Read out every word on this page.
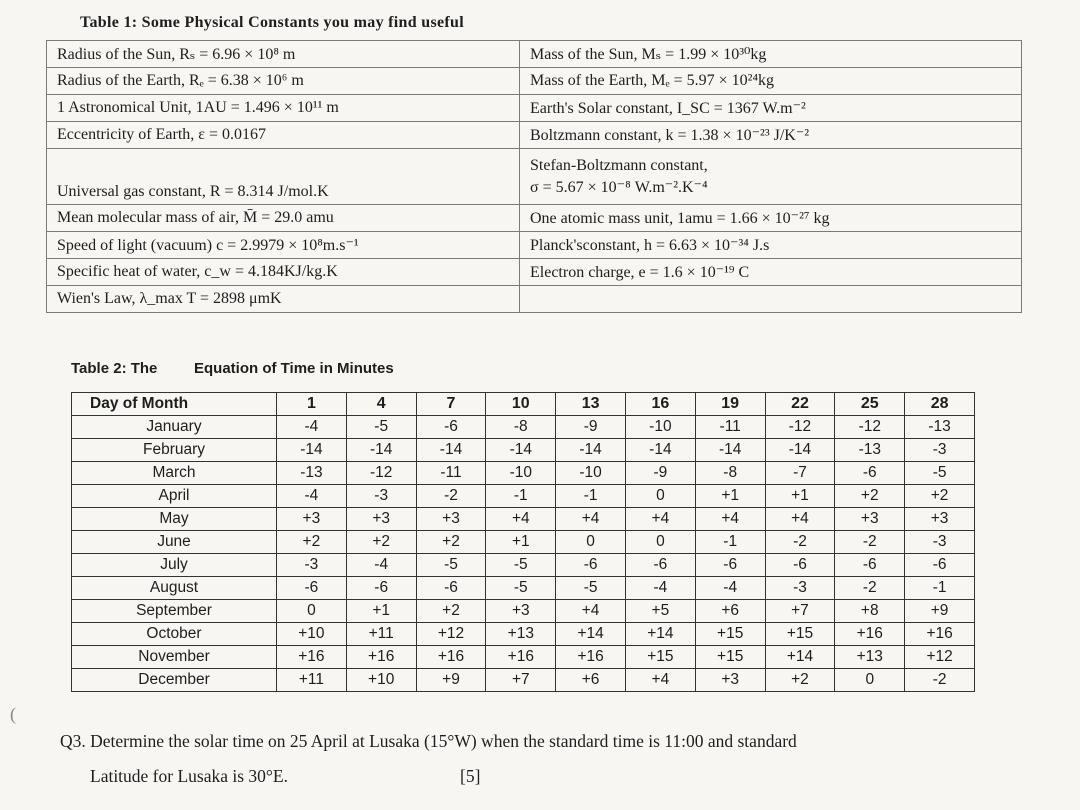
Table 1: Some Physical Constants you may find useful
Radius of the Sun, Rₛ = 6.96 × 10⁸ m	Mass of the Sun, Mₛ = 1.99 × 10³⁰kg
Radius of the Earth, Rₑ = 6.38 × 10⁶ m	Mass of the Earth, Mₑ = 5.97 × 10²⁴kg
1 Astronomical Unit, 1AU = 1.496 × 10¹¹ m	Earth's Solar constant, I_SC = 1367 W.m⁻²
Eccentricity of Earth, ε = 0.0167	Boltzmann constant, k = 1.38 × 10⁻²³ J/K⁻²
Universal gas constant, R = 8.314 J/mol.K	Stefan-Boltzmann constant,
σ = 5.67 × 10⁻⁸ W.m⁻².K⁻⁴

Mean molecular mass of air, M̄ = 29.0 amu	One atomic mass unit, 1amu = 1.66 × 10⁻²⁷ kg
Speed of light (vacuum) c = 2.9979 × 10⁸m.s⁻¹	Planck'sconstant, h = 6.63 × 10⁻³⁴ J.s
Specific heat of water, c_w = 4.184KJ/kg.K	Electron charge, e = 1.6 × 10⁻¹⁹ C
Wien's Law, λ_max T = 2898 μmK	
Table 2: The Equation of Time in Minutes
Day of Month	1	4	7	10	13	16	19	22	25	28
January	-4	-5	-6	-8	-9	-10	-11	-12	-12	-13
February	-14	-14	-14	-14	-14	-14	-14	-14	-13	-3
March	-13	-12	-11	-10	-10	-9	-8	-7	-6	-5
April	-4	-3	-2	-1	-1	0	+1	+1	+2	+2
May	+3	+3	+3	+4	+4	+4	+4	+4	+3	+3
June	+2	+2	+2	+1	0	0	-1	-2	-2	-3
July	-3	-4	-5	-5	-6	-6	-6	-6	-6	-6
August	-6	-6	-6	-5	-5	-4	-4	-3	-2	-1
September	0	+1	+2	+3	+4	+5	+6	+7	+8	+9
October	+10	+11	+12	+13	+14	+14	+15	+15	+16	+16
November	+16	+16	+16	+16	+16	+15	+15	+14	+13	+12
December	+11	+10	+9	+7	+6	+4	+3	+2	0	-2
(
Q3. Determine the solar time on 25 April at Lusaka (15°W) when the standard time is 11:00 and standard
Latitude for Lusaka is 30°E.	[5]
